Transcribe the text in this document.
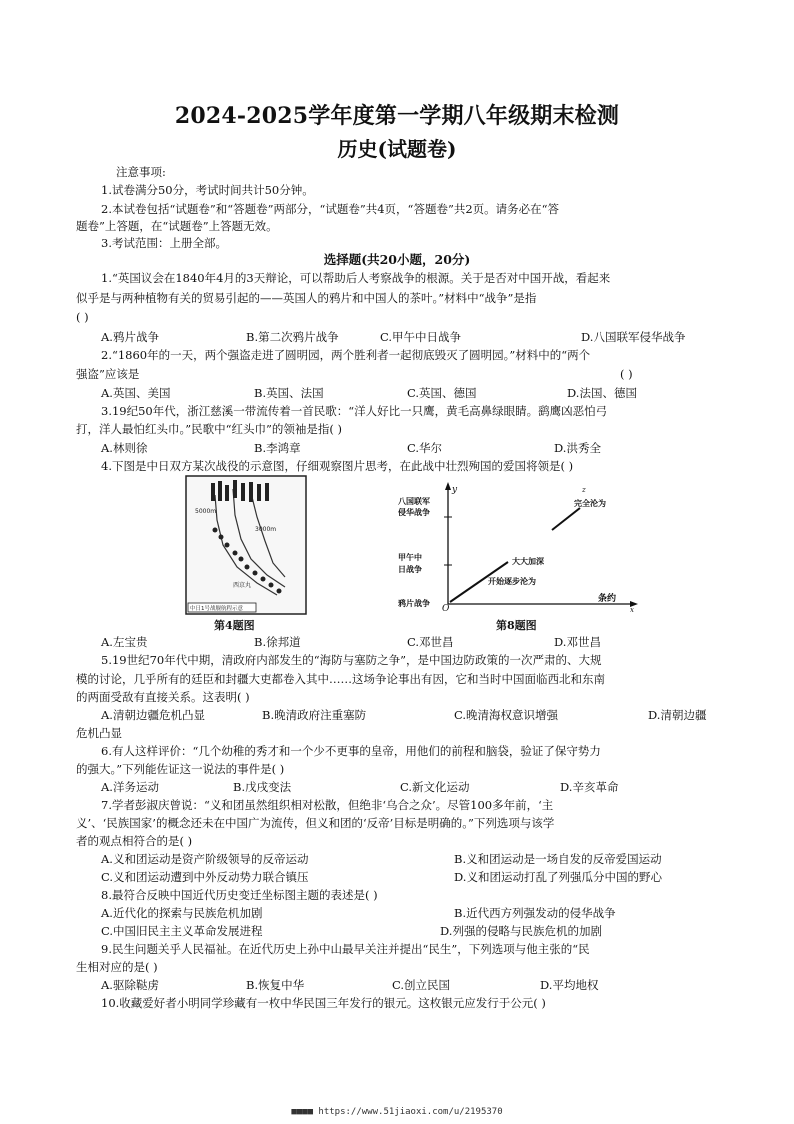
2024-2025学年度第一学期八年级期末检测
历史(试题卷)
注意事项:
1.试卷满分50分，考试时间共计50分钟。
2.本试卷包括“试题卷”和“答题卷”两部分，“试题卷”共4页，“答题卷”共2页。请务必在“答
题卷”上答题，在“试题卷”上答题无效。
3.考试范围：上册全部。
选择题(共20小题，20分)
1.“英国议会在1840年4月的3天辩论，可以帮助后人考察战争的根源。关于是否对中国开战，看起来
似乎是与两种植物有关的贸易引起的——英国人的鸦片和中国人的茶叶。”材料中“战争”是指
( )
A.鸦片战争	B.第二次鸦片战争	C.甲午中日战争	D.八国联军侵华战争
2.“1860年的一天，两个强盗走进了圆明园，两个胜利者一起彻底毁灭了圆明园。”材料中的“两个
强盗”应该是	( )
A.英国、美国	B.英国、法国	C.英国、德国	D.法国、德国
3.19纪50年代，浙江慈溪一带流传着一首民歌：“洋人好比一只鹰，黄毛高鼻绿眼睛。鹞鹰凶恶怕弓
打，洋人最怕红头巾。”民歌中“红头巾”的领袖是指( )
A.林则徐	B.李鸿章	C.华尔	D.洪秀全
4.下图是中日双方某次战役的示意图，仔细观察图片思考，在此战中壮烈殉国的爱国将领是( )
5000m
3000m
西京丸
中日1号战舰航程示意
第4题图
y
条约
x
O
八国联军
侵华战争
甲午中
日战争
鸦片战争
开始逐步沦为
大大加深
z
完全沦为
第8题图
A.左宝贵	B.徐邦道	C.邓世昌	D.邓世昌
5.19世纪70年代中期，清政府内部发生的“海防与塞防之争”，是中国边防政策的一次严肃的、大规
模的讨论，几乎所有的廷臣和封疆大吏都卷入其中……这场争论事出有因，它和当时中国面临西北和东南
的两面受敌有直接关系。这表明( )
A.清朝边疆危机凸显	B.晚清政府注重塞防	C.晚清海权意识增强	D.清朝边疆
危机凸显
6.有人这样评价：“几个幼稚的秀才和一个少不更事的皇帝，用他们的前程和脑袋，验证了保守势力
的强大。”下列能佐证这一说法的事件是( )
A.洋务运动	B.戊戌变法	C.新文化运动	D.辛亥革命
7.学者彭淑庆曾说：“义和团虽然组织相对松散，但绝非‘乌合之众’。尽管100多年前，‘主
义’、‘民族国家’的概念还未在中国广为流传，但义和团的‘反帝’目标是明确的。”下列选项与该学
者的观点相符合的是( )
A.义和团运动是资产阶级领导的反帝运动	B.义和团运动是一场自发的反帝爱国运动
C.义和团运动遭到中外反动势力联合镇压	D.义和团运动打乱了列强瓜分中国的野心
8.最符合反映中国近代历史变迁坐标图主题的表述是( )
A.近代化的探索与民族危机加剧	B.近代西方列强发动的侵华战争
C.中国旧民主主义革命发展进程	D.列强的侵略与民族危机的加剧
9.民生问题关乎人民福祉。在近代历史上孙中山最早关注并提出“民生”，下列选项与他主张的“民
生相对应的是( )
A.驱除鞑虏	B.恢复中华	C.创立民国	D.平均地权
10.收藏爱好者小明同学珍藏有一枚中华民国三年发行的银元。这枚银元应发行于公元( )
■■■■ https://www.51jiaoxi.com/u/2195370
